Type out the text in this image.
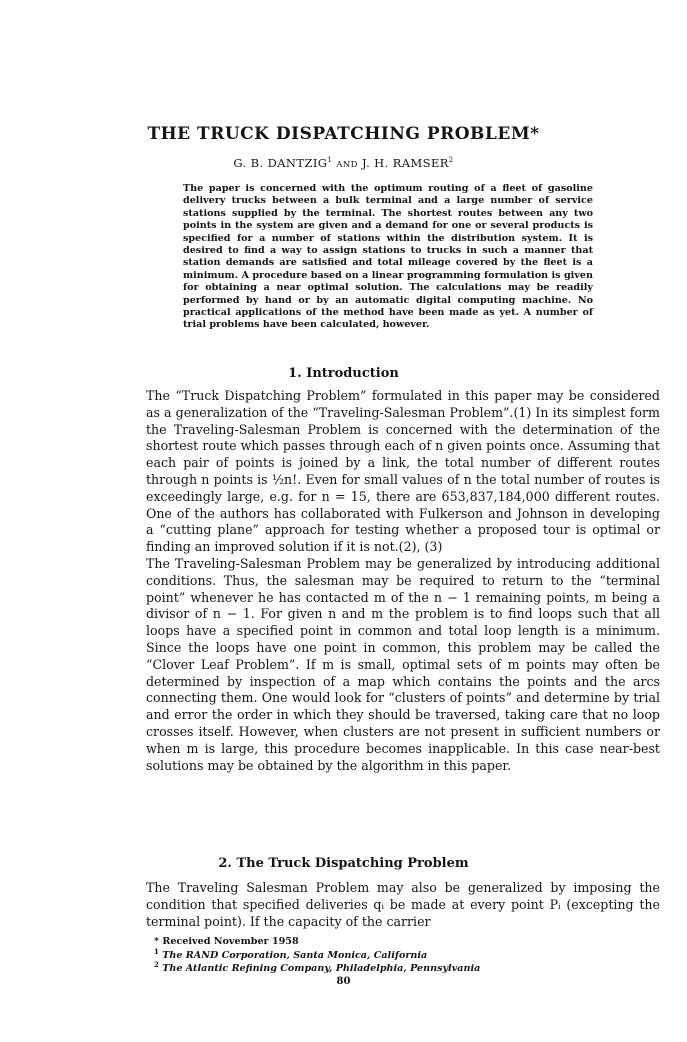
THE TRUCK DISPATCHING PROBLEM*
G. B. DANTZIG$^1$ AND J. H. RAMSER$^2$
The paper is concerned with the optimum routing of a fleet of gasoline delivery trucks between a bulk terminal and a large number of service stations supplied by the terminal. The shortest routes between any two points in the system are given and a demand for one or several products is specified for a number of stations within the distribution system. It is desired to find a way to assign stations to trucks in such a manner that station demands are satisfied and total mileage covered by the fleet is a minimum. A procedure based on a linear programming formulation is given for obtaining a near optimal solution. The calculations may be readily performed by hand or by an automatic digital computing machine. No practical applications of the method have been made as yet. A number of trial problems have been calculated, however.
1. Introduction

The “Truck Dispatching Problem” formulated in this paper may be considered as a generalization of the “Traveling-Salesman Problem”.(1) In its simplest form the Traveling-Salesman Problem is concerned with the determination of the shortest route which passes through each of n given points once. Assuming that each pair of points is joined by a link, the total number of different routes through n points is ½n!. Even for small values of n the total number of routes is exceedingly large, e.g. for n = 15, there are 653,837,184,000 different routes. One of the authors has collaborated with Fulkerson and Johnson in developing a “cutting plane” approach for testing whether a proposed tour is optimal or finding an improved solution if it is not.(2), (3)

The Traveling-Salesman Problem may be generalized by introducing additional conditions. Thus, the salesman may be required to return to the “terminal point” whenever he has contacted m of the n − 1 remaining points, m being a divisor of n − 1. For given n and m the problem is to find loops such that all loops have a specified point in common and total loop length is a minimum. Since the loops have one point in common, this problem may be called the “Clover Leaf Problem”. If m is small, optimal sets of m points may often be determined by inspection of a map which contains the points and the arcs connecting them. One would look for “clusters of points” and determine by trial and error the order in which they should be traversed, taking care that no loop crosses itself. However, when clusters are not present in sufficient numbers or when m is large, this procedure becomes inapplicable. In this case near-best solutions may be obtained by the algorithm in this paper.

2. The Truck Dispatching Problem

The Traveling Salesman Problem may also be generalized by imposing the condition that specified deliveries qᵢ be made at every point Pᵢ (excepting the terminal point). If the capacity of the carrier

* Received November 1958
$^1$ The RAND Corporation, Santa Monica, California
$^2$ The Atlantic Refining Company, Philadelphia, Pennsylvania
80
